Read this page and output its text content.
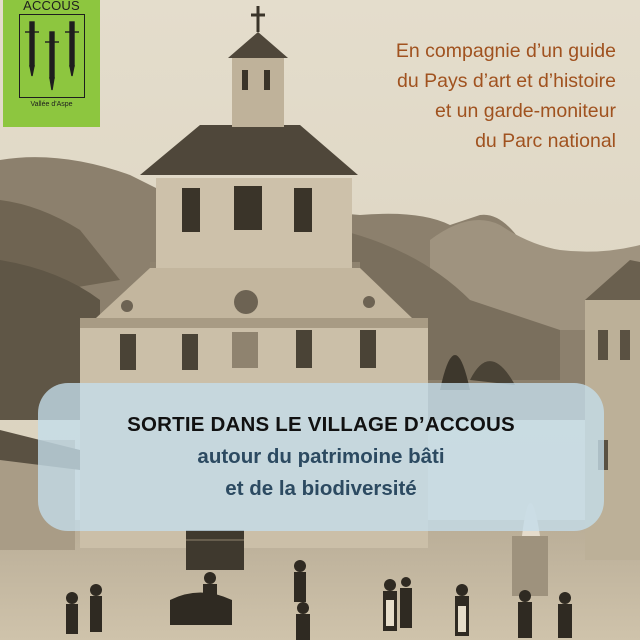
ACCOUS
Vallée d'Aspe
En compagnie d’un guide
du Pays d’art et d’histoire
et un garde-moniteur
du Parc national
SORTIE DANS LE VILLAGE D’ACCOUS
autour du patrimoine bâti
et de la biodiversité
